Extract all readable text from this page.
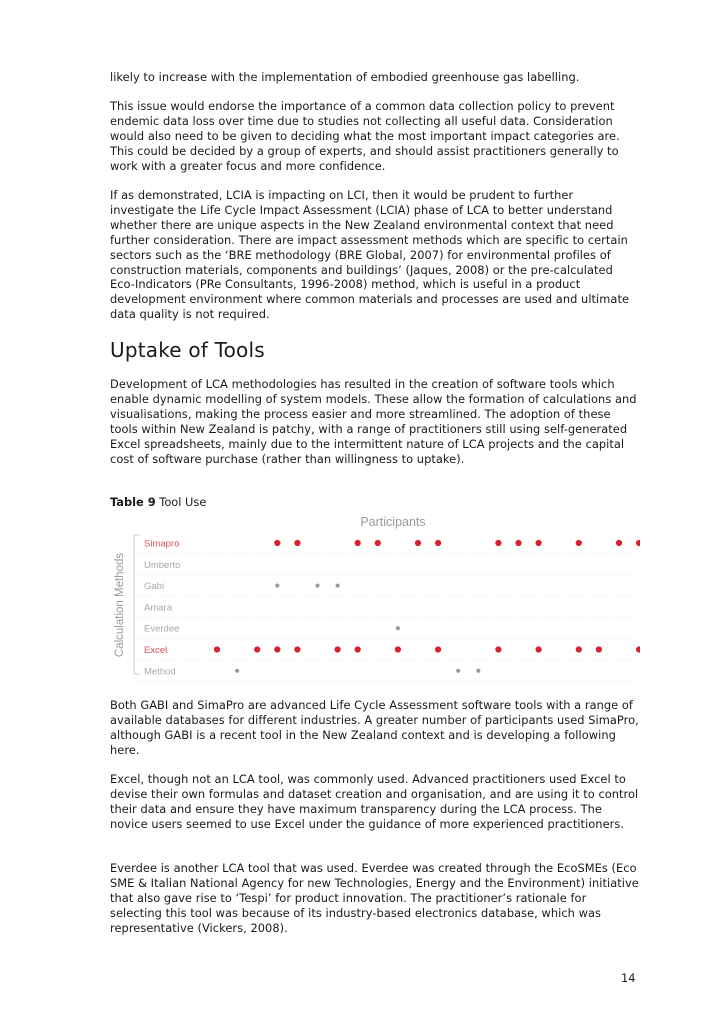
likely to increase with the implementation of embodied greenhouse gas labelling.

This issue would endorse the importance of a common data collection policy to prevent endemic data loss over time due to studies not collecting all useful data. Consideration would also need to be given to deciding what the most important impact categories are. This could be decided by a group of experts, and should assist practitioners generally to work with a greater focus and more confidence.

If as demonstrated, LCIA is impacting on LCI, then it would be prudent to further investigate the Life Cycle Impact Assessment (LCIA) phase of LCA to better understand whether there are unique aspects in the New Zealand environmental context that need further consideration. There are impact assessment methods which are specific to certain sectors such as the ‘BRE methodology (BRE Global, 2007) for environmental profiles of construction materials, components and buildings’ (Jaques, 2008) or the pre-calculated Eco-Indicators (PRe Consultants, 1996-2008) method, which is useful in a product development environment where common materials and processes are used and ultimate data quality is not required.

Uptake of Tools

Development of LCA methodologies has resulted in the creation of software tools which enable dynamic modelling of system models. These allow the formation of calculations and visualisations, making the process easier and more streamlined. The adoption of these tools within New Zealand is patchy, with a range of practitioners still using self-generated Excel spreadsheets, mainly due to the intermittent nature of LCA projects and the capital cost of software purchase (rather than willingness to uptake).

Table 9 Tool Use

Participants
Calculation Methods
Simapro
Umberto
Gabi
Amara
Everdee
Excel
Method

Both GABI and SimaPro are advanced Life Cycle Assessment software tools with a range of available databases for different industries. A greater number of participants used SimaPro, although GABI is a recent tool in the New Zealand context and is developing a following here.

Excel, though not an LCA tool, was commonly used. Advanced practitioners used Excel to devise their own formulas and dataset creation and organisation, and are using it to control their data and ensure they have maximum transparency during the LCA process. The novice users seemed to use Excel under the guidance of more experienced practitioners.

Everdee is another LCA tool that was used. Everdee was created through the EcoSMEs (Eco SME & Italian National Agency for new Technologies, Energy and the Environment) initiative that also gave rise to ‘Tespi’ for product innovation. The practitioner’s rationale for selecting this tool was because of its industry-based electronics database, which was representative (Vickers, 2008).

14
